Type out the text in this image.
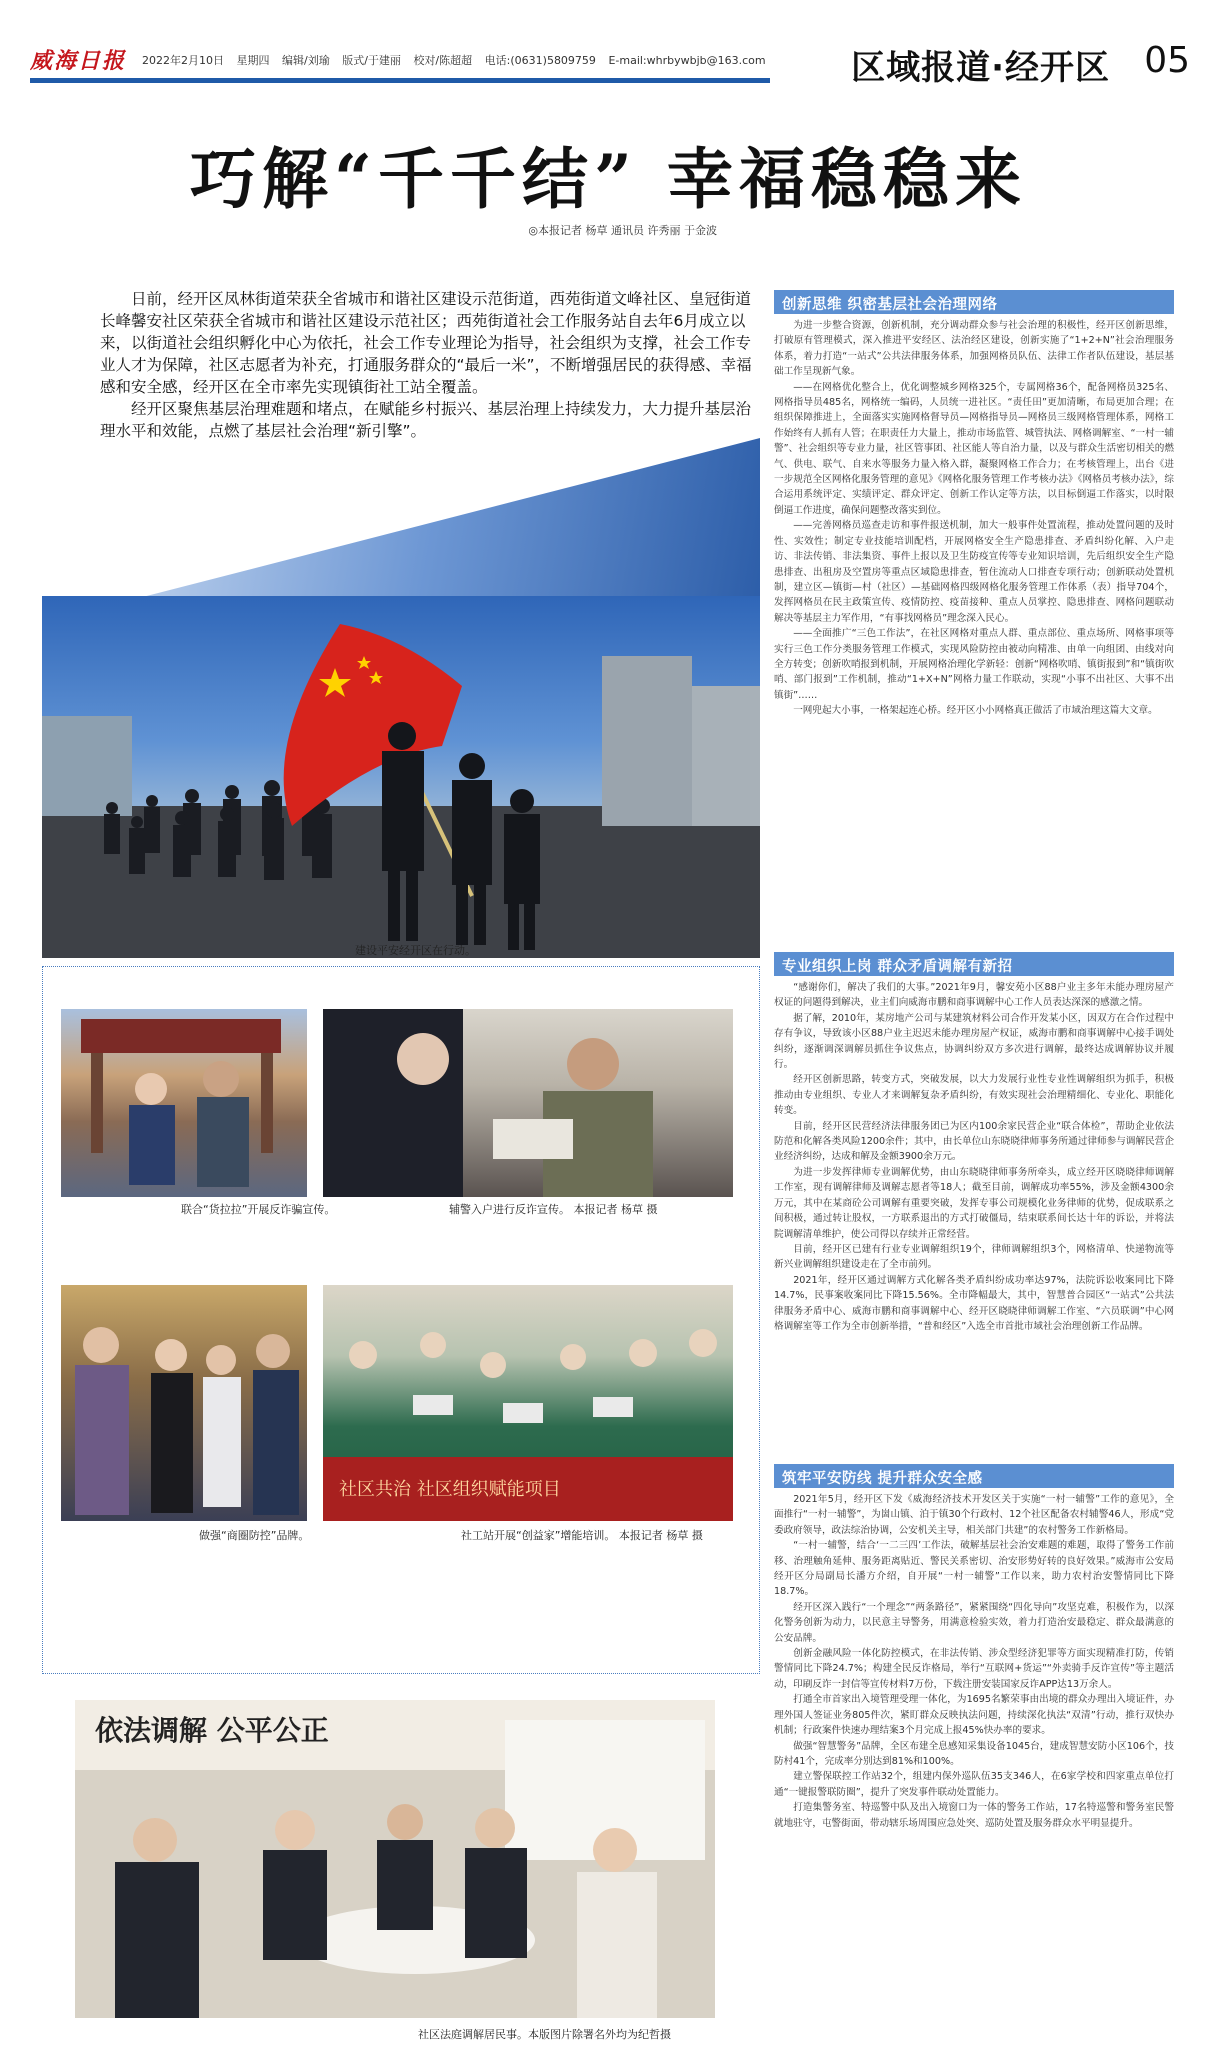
威海日报 2022年2月10日 星期四 编辑/刘瑜 版式/于建丽 校对/陈超超 电话:(0631)5809759 E-mail:whrbywbjb@163.com	区域报道·经开区 05
巧解“千千结” 幸福稳稳来
◎本报记者 杨草 通讯员 许秀丽 于金波

日前，经开区凤林街道荣获全省城市和谐社区建设示范街道，西苑街道文峰社区、皇冠街道长峰馨安社区荣获全省城市和谐社区建设示范社区；西苑街道社会工作服务站自去年6月成立以来，以街道社会组织孵化中心为依托，社会工作专业理论为指导，社会组织为支撑，社会工作专业人才为保障，社区志愿者为补充，打通服务群众的“最后一米”，不断增强居民的获得感、幸福感和安全感，经开区在全市率先实现镇街社工站全覆盖。

经开区聚焦基层治理难题和堵点，在赋能乡村振兴、基层治理上持续发力，大力提升基层治理水平和效能，点燃了基层社会治理“新引擎”。

建设平安经开区在行动。
联合“货拉拉”开展反诈骗宣传。	辅警入户进行反诈宣传。 本报记者 杨草 摄
做强“商圈防控”品牌。
社区共治 社区组织赋能项目
社工站开展“创益家”增能培训。 本报记者 杨草 摄
依法调解 公平公正
社区法庭调解居民事。本版图片除署名外均为纪哲摄
创新思维 织密基层社会治理网络

为进一步整合资源，创新机制，充分调动群众参与社会治理的积极性，经开区创新思维，打破原有管理模式，深入推进平安经区、法治经区建设，创新实施了“1+2+N”社会治理服务体系，着力打造“一站式”公共法律服务体系，加强网格员队伍、法律工作者队伍建设，基层基础工作呈现新气象。

——在网格优化整合上，优化调整城乡网格325个，专属网格36个，配备网格员325名、网格指导员485名，网格统一编码，人员统一进社区。“责任田”更加清晰，布局更加合理；在组织保障推进上，全面落实实施网格督导员—网格指导员—网格员三级网格管理体系，网格工作始终有人抓有人管；在职责任力大量上，推动市场监管、城管执法、网格调解室、“一村一辅警”、社会组织等专业力量，社区管事团、社区能人等自治力量，以及与群众生活密切相关的燃气、供电、联气、自来水等服务力量入格入群，凝聚网格工作合力；在考核管理上，出台《进一步规范全区网格化服务管理的意见》《网格化服务管理工作考核办法》《网格员考核办法》，综合运用系统评定、实绩评定、群众评定、创新工作认定等方法，以目标倒逼工作落实，以时限倒逼工作进度，确保问题整改落实到位。

——完善网格员巡查走访和事件报送机制，加大一般事件处置流程，推动处置问题的及时性、实效性；制定专业技能培训配档，开展网格安全生产隐患排查、矛盾纠纷化解、入户走访、非法传销、非法集资、事件上报以及卫生防疫宣传等专业知识培训，先后组织安全生产隐患排查、出租房及空置房等重点区域隐患排查，暂住流动人口排查专项行动；创新联动处置机制，建立区—镇街—村（社区）—基础网格四级网格化服务管理工作体系（表）指导704个，发挥网格员在民主政策宣传、疫情防控、疫苗接种、重点人员掌控、隐患排查、网格问题联动解决等基层主力军作用，“有事找网格员”理念深入民心。

——全面推广“三色工作法”，在社区网格对重点人群、重点部位、重点场所、网格事项等实行三色工作分类服务管理工作模式，实现风险防控由被动向精准、由单一向组团、由线对向全方转变；创新吹哨报到机制，开展网格治理化学新轻：创新“网格吹哨、镇街报到”和“镇街吹哨、部门报到”工作机制，推动“1+X+N”网格力量工作联动，实现“小事不出社区、大事不出镇街”……

一网兜起大小事，一格架起连心桥。经开区小小网格真正做活了市域治理这篇大文章。

专业组织上岗 群众矛盾调解有新招

“感谢你们，解决了我们的大事。”2021年9月，馨安苑小区88户业主多年未能办理房屋产权证的问题得到解决，业主们向威海市鹏和商事调解中心工作人员表达深深的感激之情。

据了解，2010年，某房地产公司与某建筑材料公司合作开发某小区，因双方在合作过程中存有争议，导致该小区88户业主迟迟未能办理房屋产权证，威海市鹏和商事调解中心接手调处纠纷，逐渐调深调解员抓住争议焦点，协调纠纷双方多次进行调解，最终达成调解协议并履行。

经开区创新思路，转变方式，突破发展，以大力发展行业性专业性调解组织为抓手，积极推动由专业组织、专业人才来调解复杂矛盾纠纷，有效实现社会治理精细化、专业化、职能化转变。

目前，经开区民营经济法律服务团已为区内100余家民营企业“联合体检”，帮助企业依法防范和化解各类风险1200余件；其中，由长单位山东晓晓律师事务所通过律师参与调解民营企业经济纠纷，达成和解及金额3900余万元。

为进一步发挥律师专业调解优势，由山东晓晓律师事务所牵头，成立经开区晓晓律师调解工作室，现有调解律师及调解志愿者等18人；截至目前，调解成功率55%，涉及金额4300余万元，其中在某商砼公司调解有重要突破，发挥专事公司规模化业务律师的优势，促成联系之间积极，通过转让股权，一方联系退出的方式打破僵局，结束联系间长达十年的诉讼，并将法院调解清单维护，使公司得以存续并正常经营。

目前，经开区已建有行业专业调解组织19个，律师调解组织3个，网格清单、快递物流等新兴业调解组织建设走在了全市前列。

2021年，经开区通过调解方式化解各类矛盾纠纷成功率达97%，法院诉讼收案同比下降14.7%，民事案收案同比下降15.56%。全市降幅最大，其中，智慧普合园区“一站式”公共法律服务矛盾中心、威海市鹏和商事调解中心、经开区晓晓律师调解工作室、“六员联调”中心网格调解室等工作为全市创新举措，“普和经区”入选全市首批市域社会治理创新工作品牌。

筑牢平安防线 提升群众安全感

2021年5月，经开区下发《威海经济技术开发区关于实施“一村一辅警”工作的意见》，全面推行“一村一辅警”，为崮山镇、泊于镇30个行政村、12个社区配备农村辅警46人，形成“党委政府领导，政法综治协调，公安机关主导，相关部门共建”的农村警务工作新格局。

“一村一辅警，结合‘一二三四’工作法，破解基层社会治安难题的难题，取得了警务工作前移、治理触角延伸、服务距离贴近、警民关系密切、治安形势好转的良好效果。”威海市公安局经开区分局副局长潘方介绍，自开展“一村一辅警”工作以来，助力农村治安警情同比下降18.7%。

经开区深入践行“一个理念”“两条路径”，紧紧围绕“四化导向”攻坚克难，积极作为，以深化警务创新为动力，以民意主导警务，用满意检验实效，着力打造治安最稳定、群众最满意的公安品牌。

创新金融风险一体化防控模式，在非法传销、涉众型经济犯罪等方面实现精准打防，传销警情同比下降24.7%；构建全民反诈格局，举行“互联网+货运”“外卖骑手反诈宣传”等主题活动，印刷反诈一封信等宣传材料7万份，下载注册安装国家反诈APP达13万余人。

打通全市首家出入境管理受理一体化，为1695名繁荣事由出境的群众办理出入境证件，办理外国人签证业务805件次，紧盯群众反映执法问题，持续深化执法“双清”行动，推行双快办机制；行政案件快速办理结案3个月完成上报45%快办率的要求。

做强“智慧警务”品牌，全区布建全息感知采集设备1045台，建成智慧安防小区106个，技防村41个，完成率分别达到81%和100%。

建立警保联控工作站32个，组建内保外巡队伍35支346人，在6家学校和四家重点单位打通“一键报警联防圈”，提升了突发事件联动处置能力。

打造集警务室、特巡警中队及出入境窗口为一体的警务工作站，17名特巡警和警务室民警就地驻守，屯警街面，带动辖乐场周围应急处突、巡防处置及服务群众水平明显提升。
